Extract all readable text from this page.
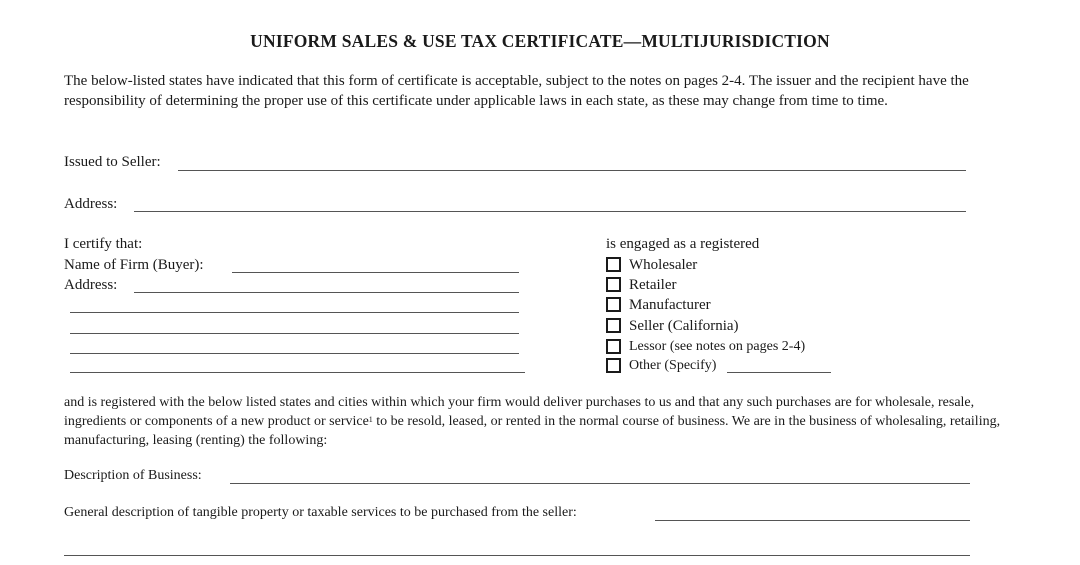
UNIFORM SALES & USE TAX CERTIFICATE—MULTIJURISDICTION
The below-listed states have indicated that this form of certificate is acceptable, subject to the notes on pages 2-4. The issuer and the recipient have the responsibility of determining the proper use of this certificate under applicable laws in each state, as these may change from time to time.
Issued to Seller:
Address:
I certify that:
Name of Firm (Buyer):
Address:
is engaged as a registered
Wholesaler
Retailer
Manufacturer
Seller (California)
Lessor (see notes on pages 2-4)
Other (Specify)
and is registered with the below listed states and cities within which your firm would deliver purchases to us and that any such purchases are for wholesale, resale, ingredients or components of a new product or service$^1$ to be resold, leased, or rented in the normal course of business. We are in the business of wholesaling, retailing, manufacturing, leasing (renting) the following:
Description of Business:
General description of tangible property or taxable services to be purchased from the seller:
